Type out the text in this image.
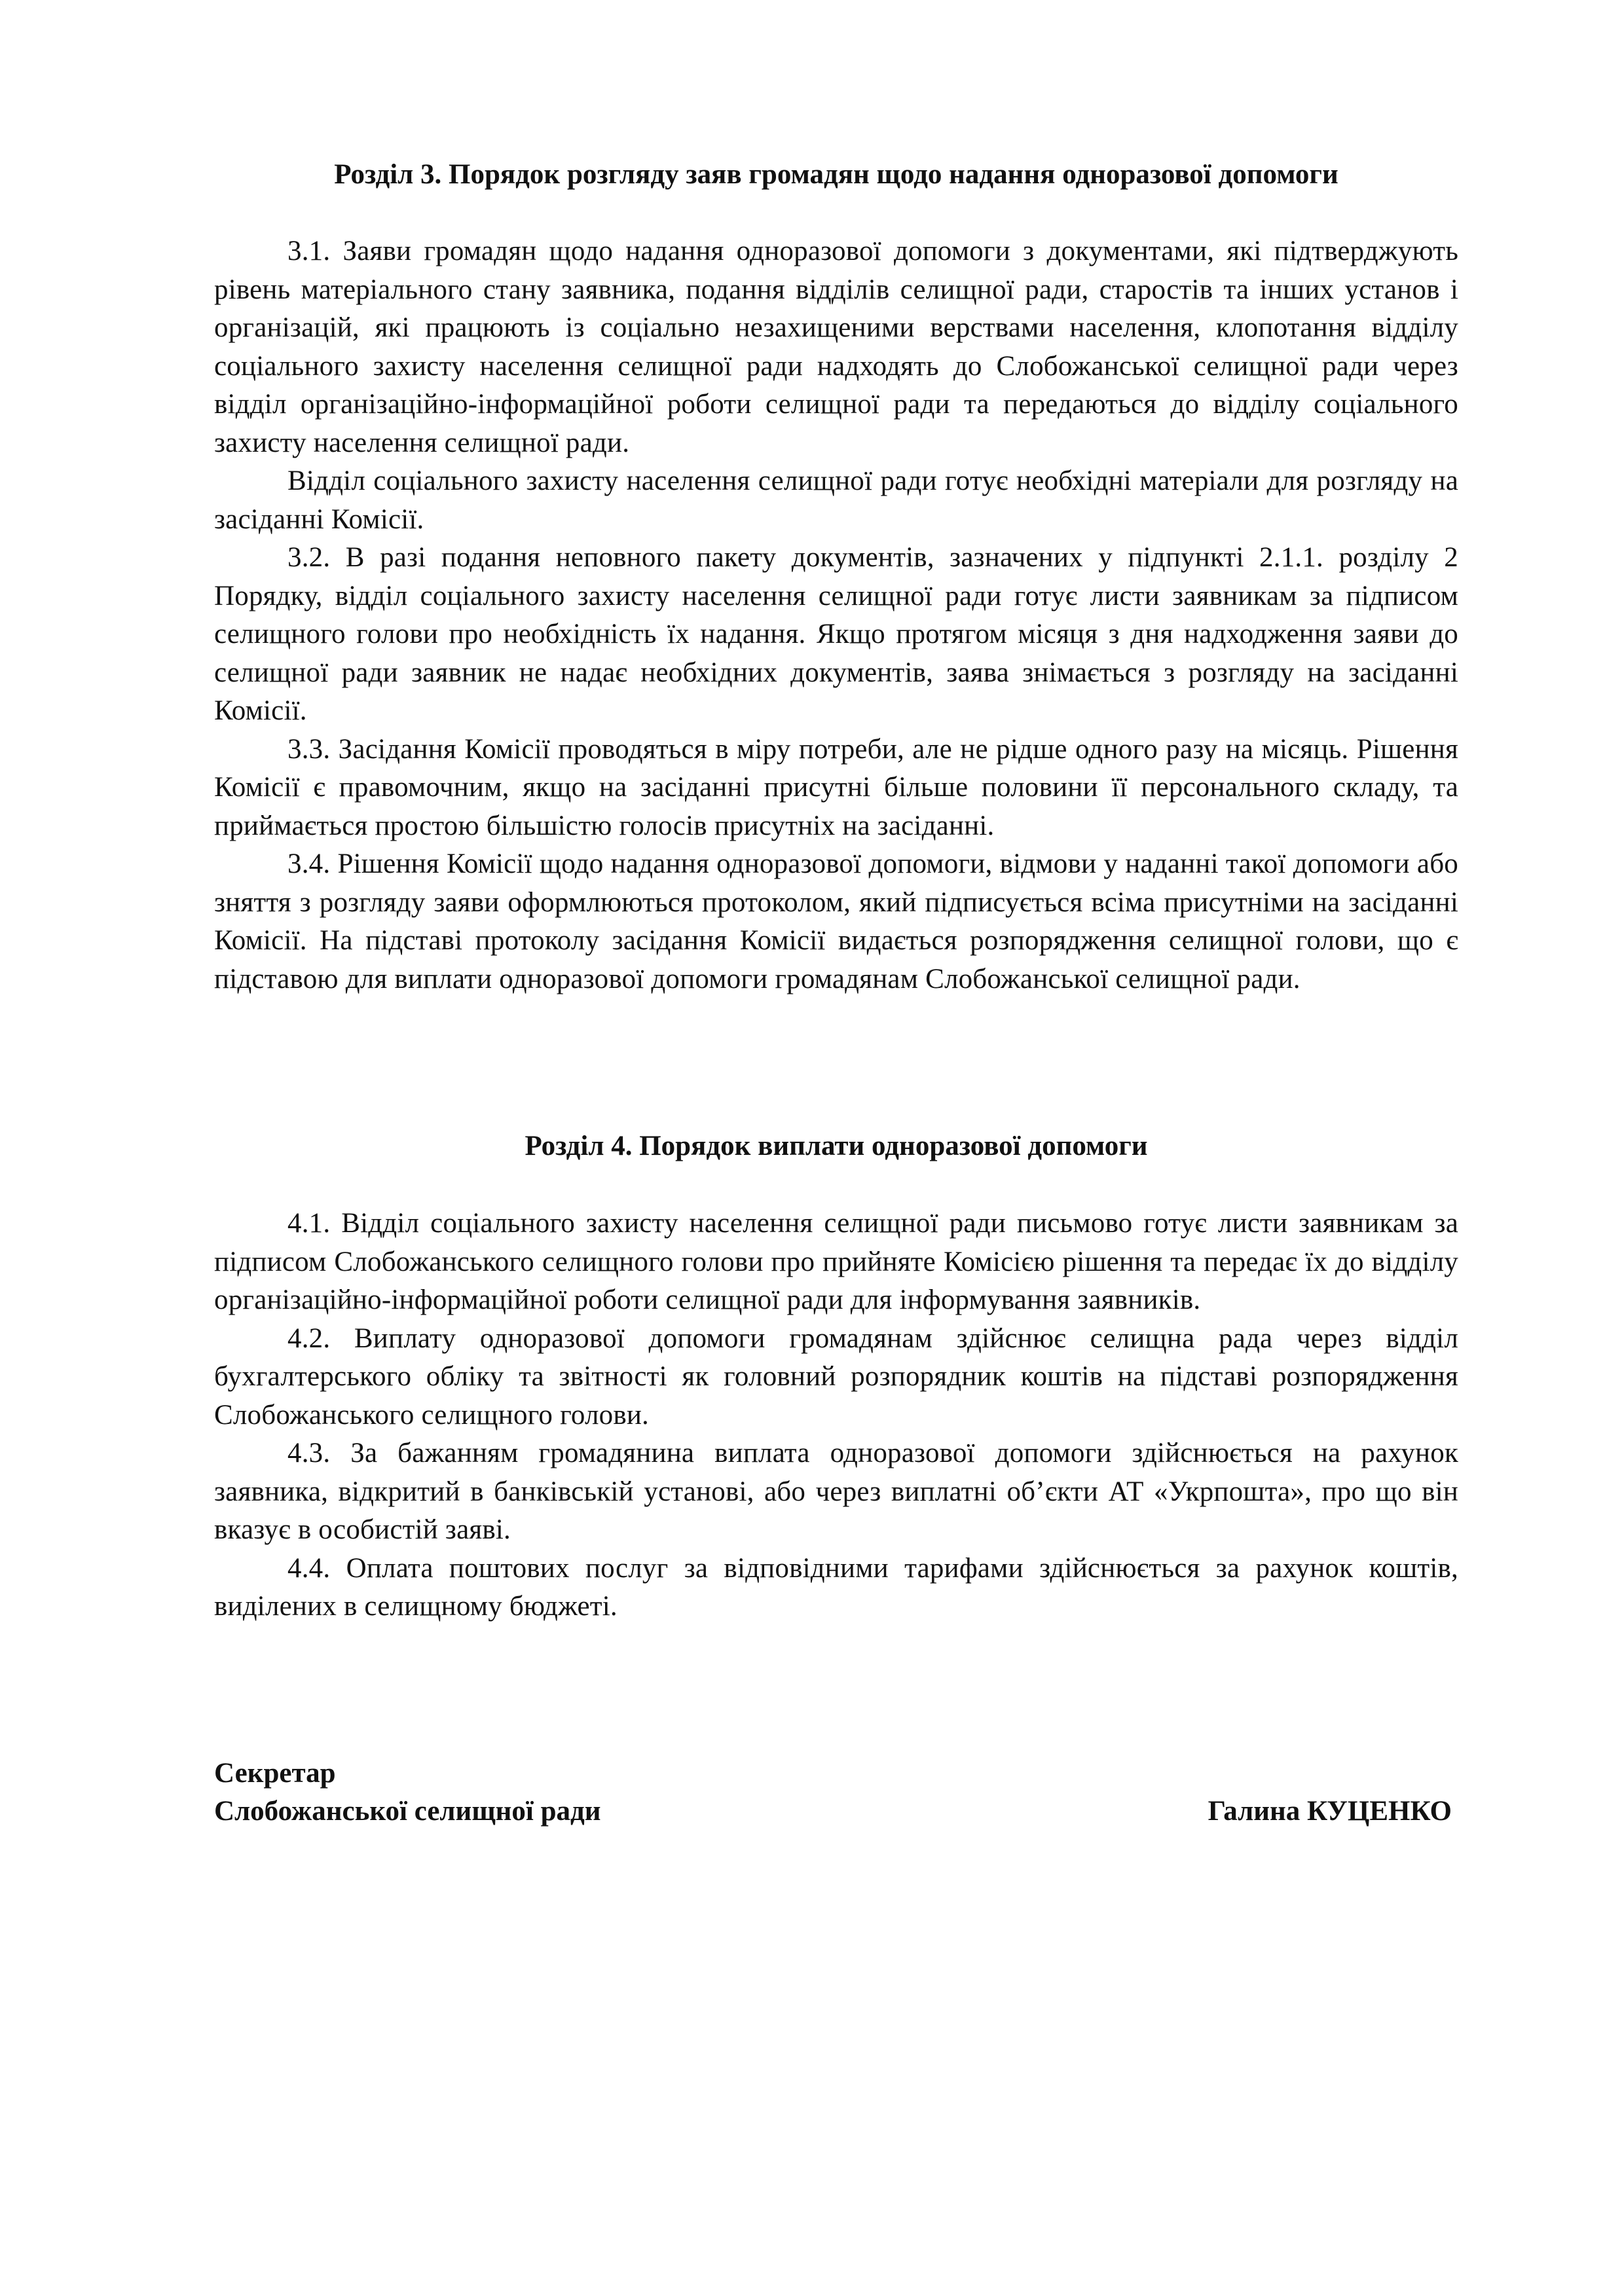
Розділ 3. Порядок розгляду заяв громадян щодо надання одноразової допомоги

3.1. Заяви громадян щодо надання одноразової допомоги з документами, які підтверджують рівень матеріального стану заявника, подання відділів селищної ради, старостів та інших установ і організацій, які працюють із соціально незахищеними верствами населення, клопотання відділу соціального захисту населення селищної ради надходять до Слобожанської селищної ради через відділ організаційно-інформаційної роботи селищної ради та передаються до відділу соціального захисту населення селищної ради.

Відділ соціального захисту населення селищної ради готує необхідні матеріали для розгляду на засіданні Комісії.

3.2. В разі подання неповного пакету документів, зазначених у підпункті 2.1.1. розділу 2 Порядку, відділ соціального захисту населення селищної ради готує листи заявникам за підписом селищного голови про необхідність їх надання. Якщо протягом місяця з дня надходження заяви до селищної ради заявник не надає необхідних документів, заява знімається з розгляду на засіданні Комісії.

3.3. Засідання Комісії проводяться в міру потреби, але не рідше одного разу на місяць. Рішення Комісії є правомочним, якщо на засіданні присутні більше половини її персонального складу, та приймається простою більшістю голосів присутніх на засіданні.

3.4. Рішення Комісії щодо надання одноразової допомоги, відмови у наданні такої допомоги або зняття з розгляду заяви оформлюються протоколом, який підписується всіма присутніми на засіданні Комісії. На підставі протоколу засідання Комісії видається розпорядження селищної голови, що є підставою для виплати одноразової допомоги громадянам Слобожанської селищної ради.

Розділ 4. Порядок виплати одноразової допомоги

4.1. Відділ соціального захисту населення селищної ради письмово готує листи заявникам за підписом Слобожанського селищного голови про прийняте Комісією рішення та передає їх до відділу організаційно-інформаційної роботи селищної ради для інформування заявників.

4.2. Виплату одноразової допомоги громадянам здійснює селищна рада через відділ бухгалтерського обліку та звітності як головний розпорядник коштів на підставі розпорядження Слобожанського селищного голови.

4.3. За бажанням громадянина виплата одноразової допомоги здійснюється на рахунок заявника, відкритий в банківській установі, або через виплатні об’єкти АТ «Укрпошта», про що він вказує в особистій заяві.

4.4. Оплата поштових послуг за відповідними тарифами здійснюється за рахунок коштів, виділених в селищному бюджеті.

Секретар
Слобожанської селищної ради	Галина КУЦЕНКО
